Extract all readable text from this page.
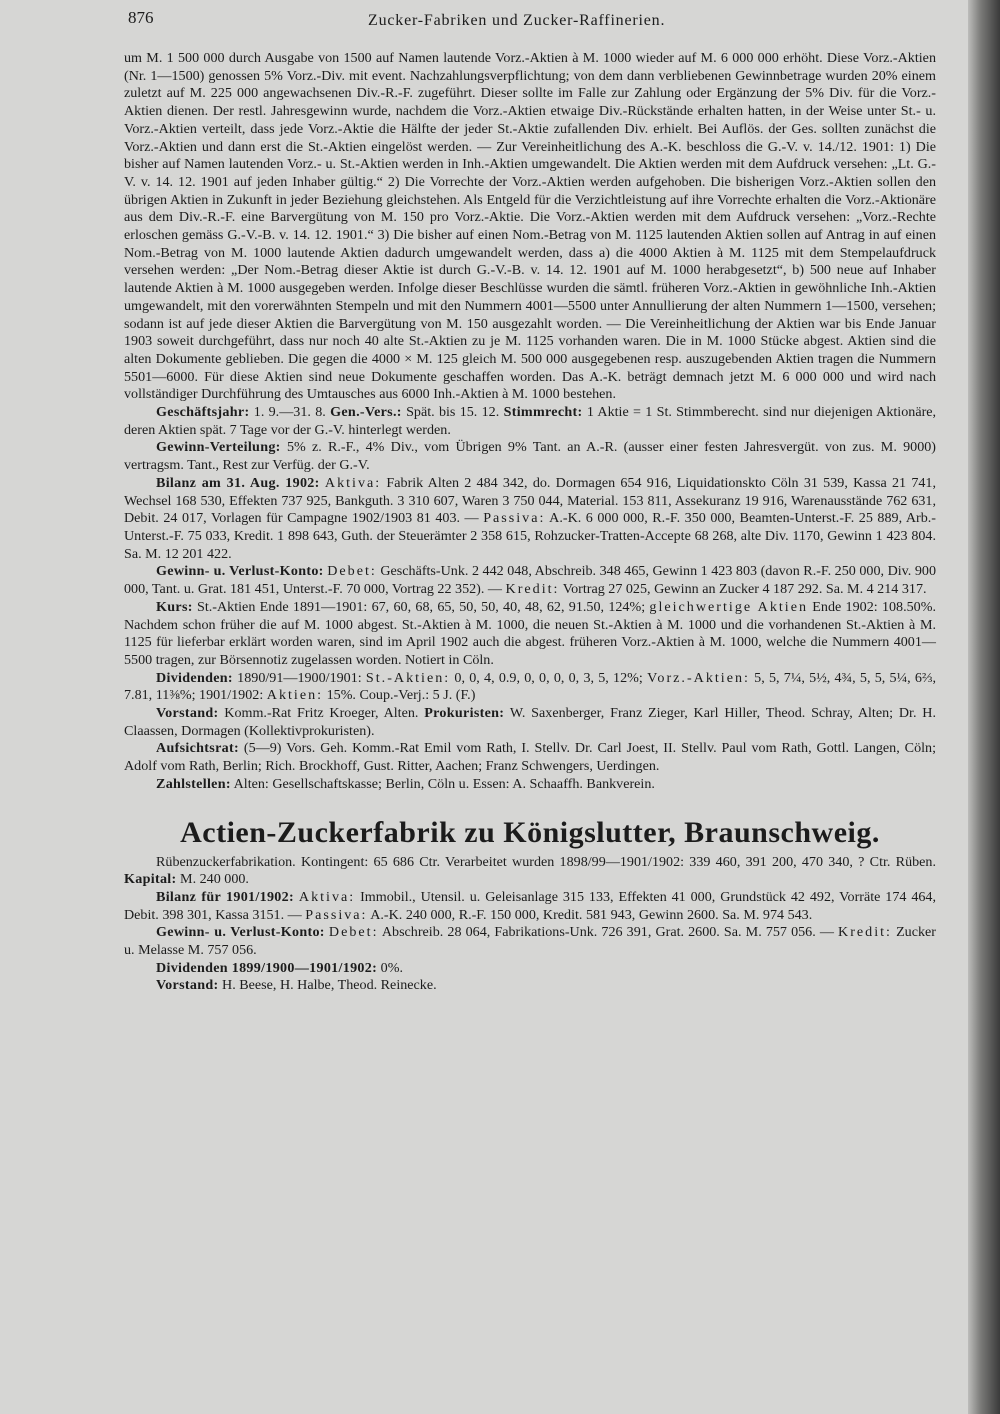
876	Zucker-Fabriken und Zucker-Raffinerien.

um M. 1 500 000 durch Ausgabe von 1500 auf Namen lautende Vorz.-Aktien à M. 1000 wieder auf M. 6 000 000 erhöht. Diese Vorz.-Aktien (Nr. 1—1500) genossen 5% Vorz.-Div. mit event. Nachzahlungsverpflichtung; von dem dann verbliebenen Gewinnbetrage wurden 20% einem zuletzt auf M. 225 000 angewachsenen Div.-R.-F. zugeführt. Dieser sollte im Falle zur Zahlung oder Ergänzung der 5% Div. für die Vorz.-Aktien dienen. Der restl. Jahresgewinn wurde, nachdem die Vorz.-Aktien etwaige Div.-Rückstände erhalten hatten, in der Weise unter St.- u. Vorz.-Aktien verteilt, dass jede Vorz.-Aktie die Hälfte der jeder St.-Aktie zufallenden Div. erhielt. Bei Auflös. der Ges. sollten zunächst die Vorz.-Aktien und dann erst die St.-Aktien eingelöst werden. — Zur Vereinheitlichung des A.-K. beschloss die G.-V. v. 14./12. 1901: 1) Die bisher auf Namen lautenden Vorz.- u. St.-Aktien werden in Inh.-Aktien umgewandelt. Die Aktien werden mit dem Aufdruck versehen: „Lt. G.-V. v. 14. 12. 1901 auf jeden Inhaber gültig.“ 2) Die Vorrechte der Vorz.-Aktien werden aufgehoben. Die bisherigen Vorz.-Aktien sollen den übrigen Aktien in Zukunft in jeder Beziehung gleichstehen. Als Entgeld für die Verzichtleistung auf ihre Vorrechte erhalten die Vorz.-Aktionäre aus dem Div.-R.-F. eine Barvergütung von M. 150 pro Vorz.-Aktie. Die Vorz.-Aktien werden mit dem Aufdruck versehen: „Vorz.-Rechte erloschen gemäss G.-V.-B. v. 14. 12. 1901.“ 3) Die bisher auf einen Nom.-Betrag von M. 1125 lautenden Aktien sollen auf Antrag in auf einen Nom.-Betrag von M. 1000 lautende Aktien dadurch umgewandelt werden, dass a) die 4000 Aktien à M. 1125 mit dem Stempelaufdruck versehen werden: „Der Nom.-Betrag dieser Aktie ist durch G.-V.-B. v. 14. 12. 1901 auf M. 1000 herabgesetzt“, b) 500 neue auf Inhaber lautende Aktien à M. 1000 ausgegeben werden. Infolge dieser Beschlüsse wurden die sämtl. früheren Vorz.-Aktien in gewöhnliche Inh.-Aktien umgewandelt, mit den vorerwähnten Stempeln und mit den Nummern 4001—5500 unter Annullierung der alten Nummern 1—1500, versehen; sodann ist auf jede dieser Aktien die Barvergütung von M. 150 ausgezahlt worden. — Die Vereinheitlichung der Aktien war bis Ende Januar 1903 soweit durchgeführt, dass nur noch 40 alte St.-Aktien zu je M. 1125 vorhanden waren. Die in M. 1000 Stücke abgest. Aktien sind die alten Dokumente geblieben. Die gegen die 4000 × M. 125 gleich M. 500 000 ausgegebenen resp. auszugebenden Aktien tragen die Nummern 5501—6000. Für diese Aktien sind neue Dokumente geschaffen worden. Das A.-K. beträgt demnach jetzt M. 6 000 000 und wird nach vollständiger Durchführung des Umtausches aus 6000 Inh.-Aktien à M. 1000 bestehen.

Geschäftsjahr: 1. 9.—31. 8. Gen.-Vers.: Spät. bis 15. 12. Stimmrecht: 1 Aktie = 1 St. Stimmberecht. sind nur diejenigen Aktionäre, deren Aktien spät. 7 Tage vor der G.-V. hinterlegt werden.

Gewinn-Verteilung: 5% z. R.-F., 4% Div., vom Übrigen 9% Tant. an A.-R. (ausser einer festen Jahresvergüt. von zus. M. 9000) vertragsm. Tant., Rest zur Verfüg. der G.-V.

Bilanz am 31. Aug. 1902: Aktiva: Fabrik Alten 2 484 342, do. Dormagen 654 916, Liquidationskto Cöln 31 539, Kassa 21 741, Wechsel 168 530, Effekten 737 925, Bankguth. 3 310 607, Waren 3 750 044, Material. 153 811, Assekuranz 19 916, Warenausstände 762 631, Debit. 24 017, Vorlagen für Campagne 1902/1903 81 403. — Passiva: A.-K. 6 000 000, R.-F. 350 000, Beamten-Unterst.-F. 25 889, Arb.-Unterst.-F. 75 033, Kredit. 1 898 643, Guth. der Steuerämter 2 358 615, Rohzucker-Tratten-Accepte 68 268, alte Div. 1170, Gewinn 1 423 804. Sa. M. 12 201 422.

Gewinn- u. Verlust-Konto: Debet: Geschäfts-Unk. 2 442 048, Abschreib. 348 465, Gewinn 1 423 803 (davon R.-F. 250 000, Div. 900 000, Tant. u. Grat. 181 451, Unterst.-F. 70 000, Vortrag 22 352). — Kredit: Vortrag 27 025, Gewinn an Zucker 4 187 292. Sa. M. 4 214 317.

Kurs: St.-Aktien Ende 1891—1901: 67, 60, 68, 65, 50, 50, 40, 48, 62, 91.50, 124%; gleichwertige Aktien Ende 1902: 108.50%. Nachdem schon früher die auf M. 1000 abgest. St.-Aktien à M. 1000, die neuen St.-Aktien à M. 1000 und die vorhandenen St.-Aktien à M. 1125 für lieferbar erklärt worden waren, sind im April 1902 auch die abgest. früheren Vorz.-Aktien à M. 1000, welche die Nummern 4001—5500 tragen, zur Börsennotiz zugelassen worden. Notiert in Cöln.

Dividenden: 1890/91—1900/1901: St.-Aktien: 0, 0, 4, 0.9, 0, 0, 0, 0, 3, 5, 12%; Vorz.-Aktien: 5, 5, 7¼, 5½, 4¾, 5, 5, 5¼, 6⅔, 7.81, 11⅜%; 1901/1902: Aktien: 15%. Coup.-Verj.: 5 J. (F.)

Vorstand: Komm.-Rat Fritz Kroeger, Alten. Prokuristen: W. Saxenberger, Franz Zieger, Karl Hiller, Theod. Schray, Alten; Dr. H. Claassen, Dormagen (Kollektivprokuristen).

Aufsichtsrat: (5—9) Vors. Geh. Komm.-Rat Emil vom Rath, I. Stellv. Dr. Carl Joest, II. Stellv. Paul vom Rath, Gottl. Langen, Cöln; Adolf vom Rath, Berlin; Rich. Brockhoff, Gust. Ritter, Aachen; Franz Schwengers, Uerdingen.

Zahlstellen: Alten: Gesellschaftskasse; Berlin, Cöln u. Essen: A. Schaaffh. Bankverein.

Actien-Zuckerfabrik zu Königslutter, Braunschweig.

Rübenzuckerfabrikation. Kontingent: 65 686 Ctr. Verarbeitet wurden 1898/99—1901/1902: 339 460, 391 200, 470 340, ? Ctr. Rüben. Kapital: M. 240 000.

Bilanz für 1901/1902: Aktiva: Immobil., Utensil. u. Geleisanlage 315 133, Effekten 41 000, Grundstück 42 492, Vorräte 174 464, Debit. 398 301, Kassa 3151. — Passiva: A.-K. 240 000, R.-F. 150 000, Kredit. 581 943, Gewinn 2600. Sa. M. 974 543.

Gewinn- u. Verlust-Konto: Debet: Abschreib. 28 064, Fabrikations-Unk. 726 391, Grat. 2600. Sa. M. 757 056. — Kredit: Zucker u. Melasse M. 757 056.

Dividenden 1899/1900—1901/1902: 0%.

Vorstand: H. Beese, H. Halbe, Theod. Reinecke.
